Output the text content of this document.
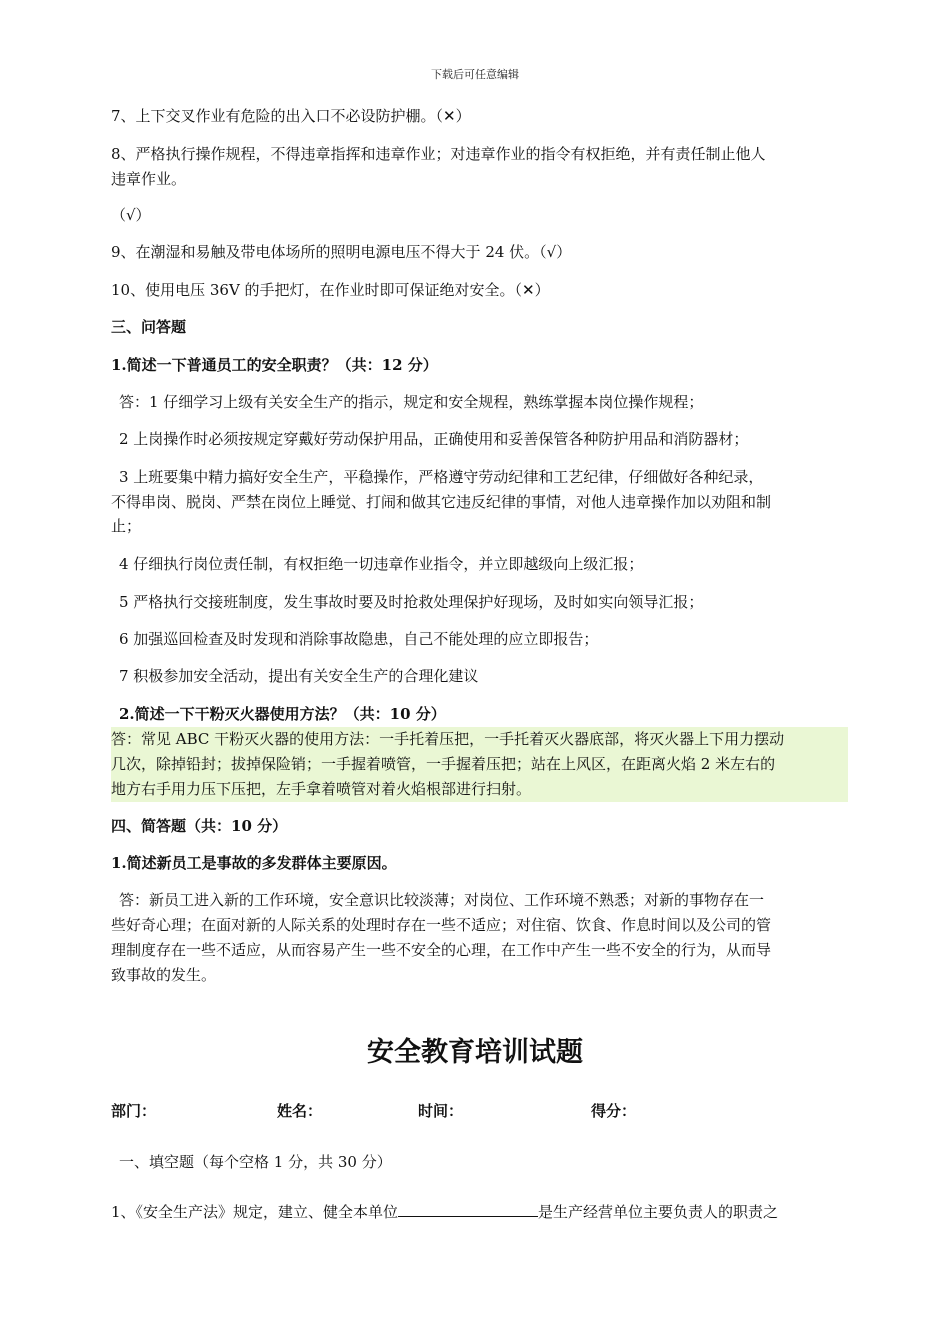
下载后可任意编辑
7、上下交叉作业有危险的出入口不必设防护棚。（✕）
8、严格执行操作规程，不得违章指挥和违章作业；对违章作业的指令有权拒绝，并有责任制止他人
违章作业。
（√）
9、在潮湿和易触及带电体场所的照明电源电压不得大于 24 伏。（√）
10、使用电压 36V 的手把灯，在作业时即可保证绝对安全。（✕）
三、问答题
1.简述一下普通员工的安全职责？（共：12 分）
答：1 仔细学习上级有关安全生产的指示，规定和安全规程，熟练掌握本岗位操作规程；
2 上岗操作时必须按规定穿戴好劳动保护用品，正确使用和妥善保管各种防护用品和消防器材；
3 上班要集中精力搞好安全生产，平稳操作，严格遵守劳动纪律和工艺纪律，仔细做好各种纪录，
不得串岗、脱岗、严禁在岗位上睡觉、打闹和做其它违反纪律的事情，对他人违章操作加以劝阻和制
止；
4 仔细执行岗位责任制，有权拒绝一切违章作业指令，并立即越级向上级汇报；
5 严格执行交接班制度，发生事故时要及时抢救处理保护好现场，及时如实向领导汇报；
6 加强巡回检查及时发现和消除事故隐患，自己不能处理的应立即报告；
7 积极参加安全活动，提出有关安全生产的合理化建议
2.简述一下干粉灭火器使用方法？（共：10 分）
答：常见 ABC 干粉灭火器的使用方法：一手托着压把，一手托着灭火器底部，将灭火器上下用力摆动
几次，除掉铅封；拔掉保险销；一手握着喷管，一手握着压把；站在上风区，在距离火焰 2 米左右的
地方右手用力压下压把，左手拿着喷管对着火焰根部进行扫射。
四、简答题（共：10 分）
1.简述新员工是事故的多发群体主要原因。
答：新员工进入新的工作环境，安全意识比较淡薄；对岗位、工作环境不熟悉；对新的事物存在一
些好奇心理；在面对新的人际关系的处理时存在一些不适应；对住宿、饮食、作息时间以及公司的管
理制度存在一些不适应，从而容易产生一些不安全的心理，在工作中产生一些不安全的行为，从而导
致事故的发生。
安全教育培训试题
部门：	姓名：	时间：	得分：
一、填空题（每个空格 1 分，共 30 分）
1、《安全生产法》规定，建立、健全本单位	是生产经营单位主要负责人的职责之
